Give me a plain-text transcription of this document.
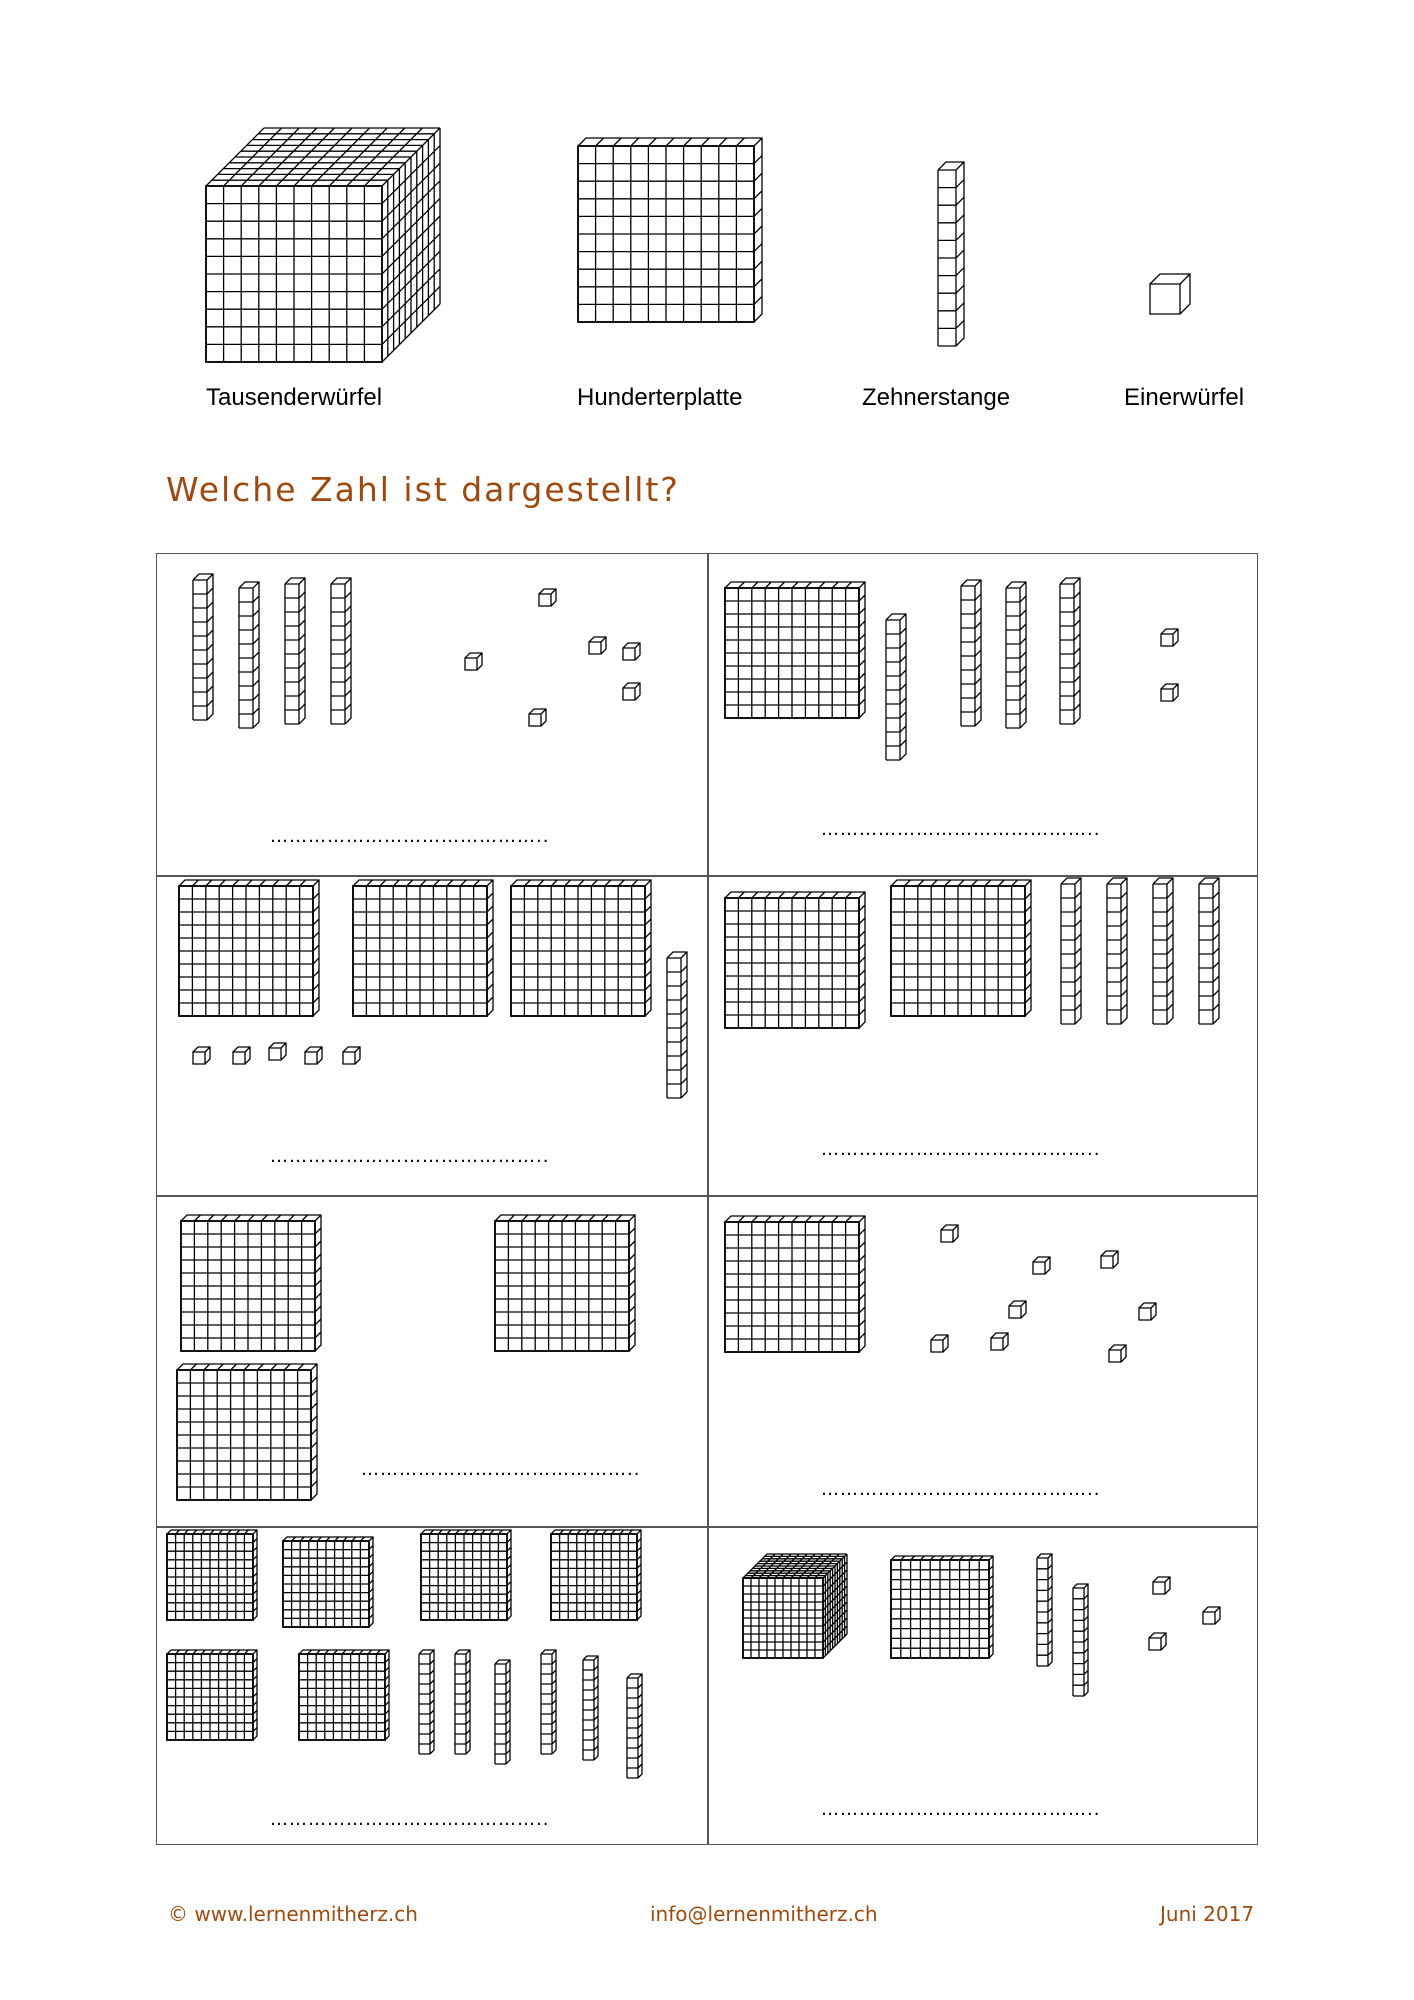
Tausenderwürfel	Hunderterplatte	Zehnerstange	Einerwürfel
Welche Zahl ist dargestellt?
……………………………………..	……………………………………..
……………………………………..	……………………………………..
……………………………………..
……………………………………..
……………………………………..	……………………………………..
© www.lernenmitherz.ch	info@lernenmitherz.ch	Juni 2017
